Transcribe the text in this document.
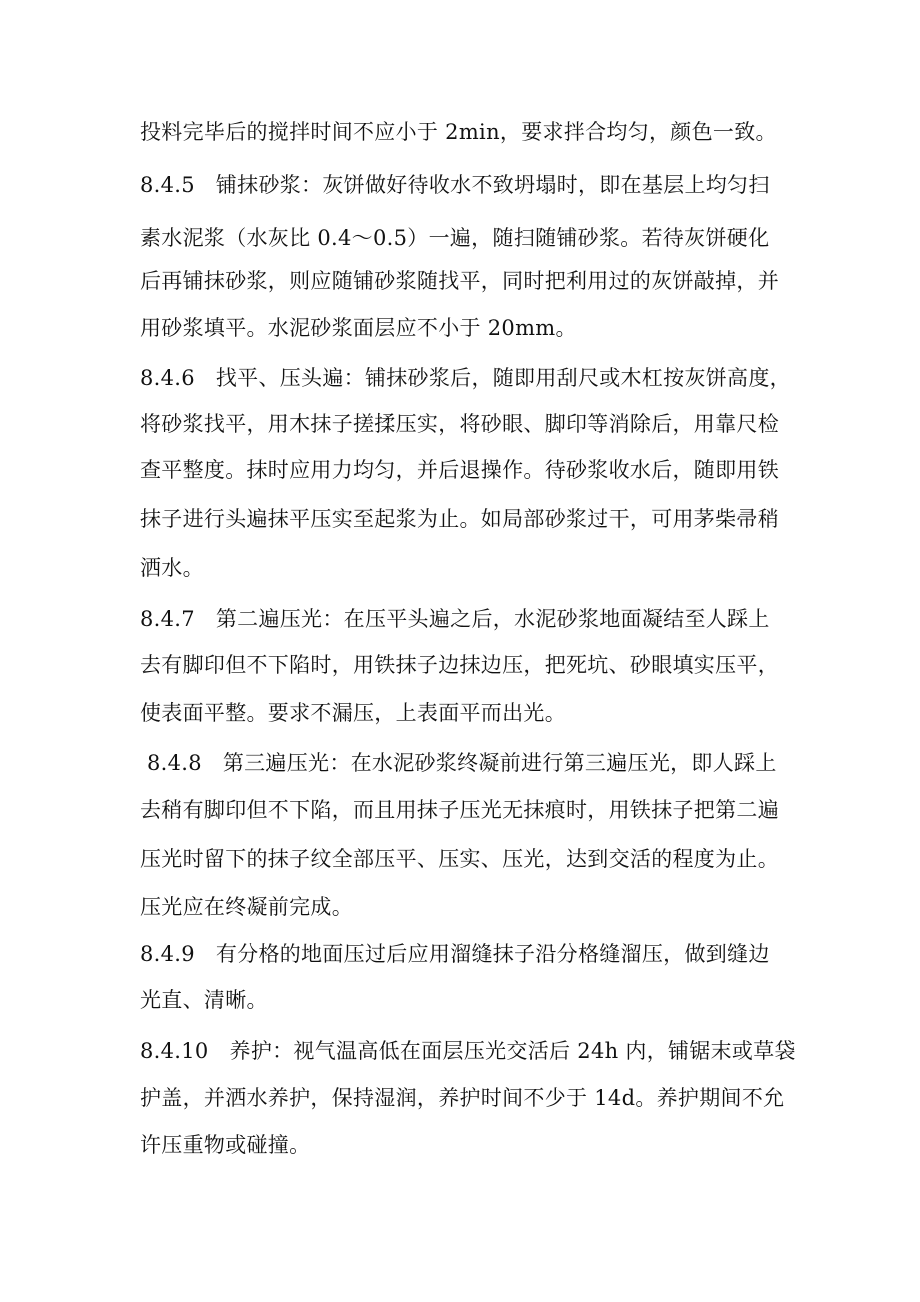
投料完毕后的搅拌时间不应小于 2min，要求拌合均匀，颜色一致。
8.4.5   铺抹砂浆：灰饼做好待收水不致坍塌时，即在基层上均匀扫
素水泥浆（水灰比 0.4～0.5）一遍，随扫随铺砂浆。若待灰饼硬化
后再铺抹砂浆，则应随铺砂浆随找平，同时把利用过的灰饼敲掉，并
用砂浆填平。水泥砂浆面层应不小于 20mm。
8.4.6   找平、压头遍：铺抹砂浆后，随即用刮尺或木杠按灰饼高度，
将砂浆找平，用木抹子搓揉压实，将砂眼、脚印等消除后，用靠尺检
查平整度。抹时应用力均匀，并后退操作。待砂浆收水后，随即用铁
抹子进行头遍抹平压实至起浆为止。如局部砂浆过干，可用茅柴帚稍
洒水。
8.4.7   第二遍压光：在压平头遍之后，水泥砂浆地面凝结至人踩上
去有脚印但不下陷时，用铁抹子边抹边压，把死坑、砂眼填实压平，
使表面平整。要求不漏压，上表面平而出光。
8.4.8   第三遍压光：在水泥砂浆终凝前进行第三遍压光，即人踩上
去稍有脚印但不下陷，而且用抹子压光无抹痕时，用铁抹子把第二遍
压光时留下的抹子纹全部压平、压实、压光，达到交活的程度为止。
压光应在终凝前完成。
8.4.9   有分格的地面压过后应用溜缝抹子沿分格缝溜压，做到缝边
光直、清晰。
8.4.10   养护：视气温高低在面层压光交活后 24h 内，铺锯末或草袋
护盖，并洒水养护，保持湿润，养护时间不少于 14d。养护期间不允
许压重物或碰撞。
